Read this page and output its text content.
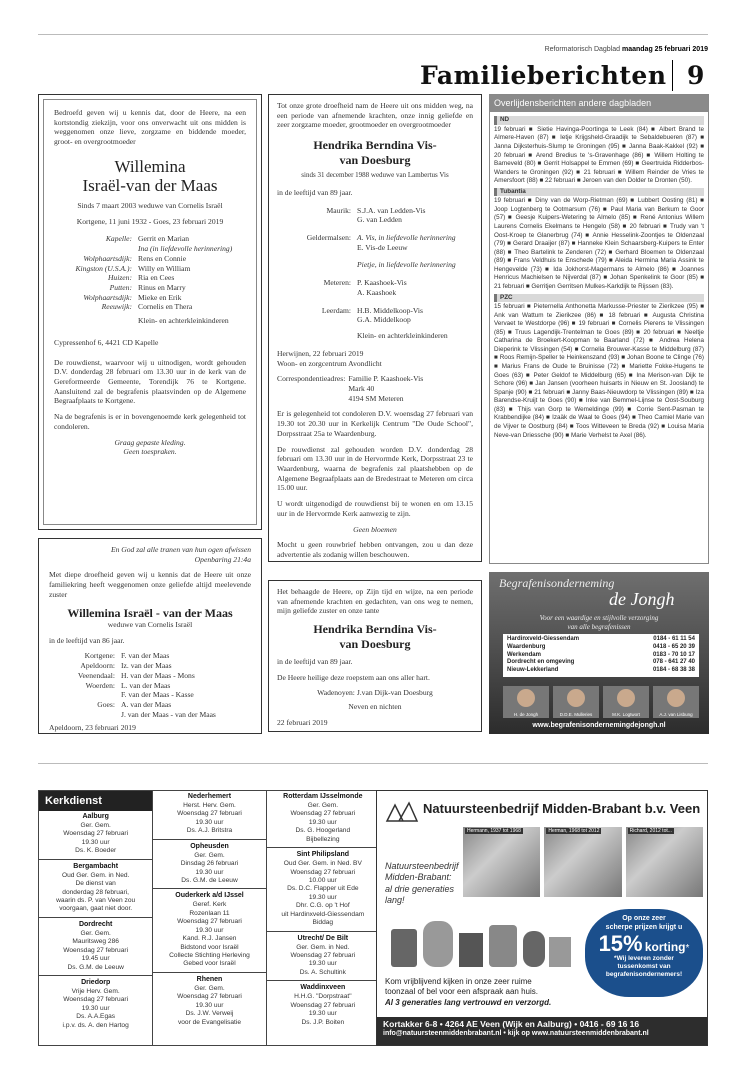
Reformatorisch Dagblad maandag 25 februari 2019
Familieberichten 9
Bedroefd geven wij u kennis dat, door de Heere, na een kortstondig ziekzijn, voor ons onverwacht uit ons midden is weggenomen onze lieve, zorgzame en biddende moeder, groot- en overgrootmoeder
Willemina
Israël-van der Maas
Sinds 7 maart 2003 weduwe van Cornelis Israël
Kortgene, 11 juni 1932 - Goes, 23 februari 2019
Kapelle: Gerrit en Marian
Ina (in liefdevolle herinnering)
Wolphaartsdijk: Rens en Connie
Kingston (U.S.A.): Willy en William
Huizen: Ria en Cees
Putten: Rinus en Marry
Wolphaartsdijk: Mieke en Erik
Reeuwijk: Cornelis en Thera
Klein- en achterkleinkinderen
Cypressenhof 6, 4421 CD Kapelle
De rouwdienst, waarvoor wij u uitnodigen, wordt gehouden D.V. donderdag 28 februari om 13.30 uur in de kerk van de Gereformeerde Gemeente, Torendijk 76 te Kortgene. Aansluitend zal de begrafenis plaatsvinden op de Algemene Begraafplaats te Kortgene.
Na de begrafenis is er in bovengenoemde kerk gelegenheid tot condoleren.
Graag gepaste kleding.
Geen toespraken.
En God zal alle tranen van hun ogen afwissen
Openbaring 21:4a
Met diepe droefheid geven wij u kennis dat de Heere uit onze familiekring heeft weggenomen onze geliefde altijd meelevende zuster
Willemina Israël - van der Maas
weduwe van Cornelis Israël
in de leeftijd van 86 jaar.
Kortgene: F. van der Maas
Apeldoorn: Iz. van der Maas
Veenendaal: H. van der Maas - Mons
Woerden: L. van der Maas
F. van der Maas - Kasse
Goes: A. van der Maas
J. van der Maas - van der Maas
Apeldoorn, 23 februari 2019
Tot onze grote droefheid nam de Heere uit ons midden weg, na een periode van afnemende krachten, onze innig geliefde en zeer zorgzame moeder, grootmoeder en overgrootmoeder
Hendrika Berndina Vis-
van Doesburg
sinds 31 december 1988 weduwe van Lambertus Vis
in de leeftijd van 89 jaar.
Maurik: S.J.A. van Ledden-Vis
G. van Ledden
Geldermalsen: A. Vis, in liefdevolle herinnering
E. Vis-de Leeuw
Pietje, in liefdevolle herinnering
Meteren: P. Kaashoek-Vis
A. Kaashoek
Leerdam: H.B. Middelkoop-Vis
G.A. Middelkoop
Klein- en achterkleinkinderen
Herwijnen, 22 februari 2019
Woon- en zorgcentrum Avondlicht
Correspondentieadres: Familie P. Kaashoek-Vis
Mark 40
4194 SM Meteren
Er is gelegenheid tot condoleren D.V. woensdag 27 februari van 19.30 tot 20.30 uur in Kerkelijk Centrum "De Oude School", Dorpsstraat 25a te Waardenburg.
De rouwdienst zal gehouden worden D.V. donderdag 28 februari om 13.30 uur in de Hervormde Kerk, Dorpsstraat 23 te Waardenburg, waarna de begrafenis zal plaatshebben op de Algemene Begraafplaats aan de Bredestraat te Meteren om circa 15.00 uur.
U wordt uitgenodigd de rouwdienst bij te wonen en om 13.15 uur in de Hervormde Kerk aanwezig te zijn.
Geen bloemen
Mocht u geen rouwbrief hebben ontvangen, zou u dan deze advertentie als zodanig willen beschouwen.
Het behaagde de Heere, op Zijn tijd en wijze, na een periode van afnemende krachten en gedachten, van ons weg te nemen, mijn geliefde zuster en onze tante
Hendrika Berndina Vis-
van Doesburg
in de leeftijd van 89 jaar.
De Heere heilige deze roepstem aan ons aller hart.
Wadenoyen: J.van Dijk-van Doesburg
Neven en nichten
22 februari 2019
Overlijdensberichten andere dagbladen
ND
19 februari ■ Sietie Havinga-Poortinga te Leek (84) ■ Albert Brand te Almere-Haven (87) ■ Ietje Krijgsheld-Graadijk te Sebaldebueren (87) ■ Janna Dijksterhuis-Slump te Groningen (95) ■ Janna Baak-Kakkel (92) ■ 20 februari ■ Arend Bredius te 's-Gravenhage (86) ■ Willem Holting te Barneveld (80) ■ Gerrit Holsappel te Emmen (69) ■ Geertruida Ridderbos-Wanders te Groningen (92) ■ 21 februari ■ Willem Reinder de Vries te Amersfoort (88) ■ 22 februari ■ Jeroen van den Dolder te Dronten (50).
Tubantia
19 februari ■ Diny van de Worp-Rietman (69) ■ Lubbert Oosting (81) ■ Joop Logtenberg te Ootmarsum (76) ■ Paul Maria van Berkum te Goor (57) ■ Geesje Kuipers-Wetering te Almelo (85) ■ René Antonius Willem Laurens Cornelis Ekelmans te Hengelo (58) ■ 20 februari ■ Trudy van 't Oost-Kroep te Glanerbrug (74) ■ Annie Hesselink-Zoontjes te Oldenzaal (79) ■ Gerard Draaijer (87) ■ Hanneke Klein Schaarsberg-Kuipers te Enter (88) ■ Theo Bartelink te Zenderen (72) ■ Gerhard Bloemen te Oldenzaal (89) ■ Frans Veldhuis te Enschede (79) ■ Aleida Hermina Maria Assink te Hengevelde (73) ■ Ida Jokhorst-Magermans te Almelo (86) ■ Joannes Henricus Machielsen te Nijverdal (87) ■ Johan Spenkelink te Goor (85) ■ 21 februari ■ Gerritjen Gerritsen Mulkes-Karkdijk te Rijssen (83).
PZC
15 februari ■ Pieternella Anthonetta Markusse-Priester te Zierikzee (95) ■ Ank van Wattum te Zierikzee (86) ■ 18 februari ■ Augusta Christina Vervaet te Westdorpe (96) ■ 19 februari ■ Cornelis Pierens te Vlissingen (85) ■ Truus Lagendijk-Trentelman te Goes (89) ■ 20 februari ■ Neeltje Catharina de Broekert-Koopman te Baarland (72) ■ Andrea Helena Dieperink te Vlissingen (54) ■ Cornelia Brouwer-Kasse te Middelburg (87) ■ Roos Remijn-Speller te Heinkenszand (93) ■ Johan Boone te Clinge (76) ■ Marius Frans de Oude te Bruinisse (72) ■ Mariette Fokke-Hugens te Goes (63) ■ Peter Geldof te Middelburg (65) ■ Ina Merison-van Dijk te Schore (96) ■ Jan Jansen (voorheen huisarts in Nieuw en St. Joosland) te Spanje (90) ■ 21 februari ■ Janny Baas-Nieuwdorp te Vlissingen (89) ■ Iza Barendse-Kruijt te Goes (90) ■ Inke van Bemmel-Lijnse te Oost-Souburg (83) ■ Thijs van Gorp te Wemeldinge (99) ■ Corrie Sent-Pasman te Krabbendijke (84) ■ Izaäk de Waal te Goes (94) ■ Theo Camiel Marie van de Vijver te Oostburg (84) ■ Toos Witteveen te Breda (92) ■ Louisa Maria Neve-van Driessche (90) ■ Marie Verhelst te Axel (86).
Begrafenisonderneming
de Jongh
Voor een waardige en stijlvolle verzorging
van alle begrafenissen
Hardinxveld-Giessendam	0184 - 61 11 54
Waardenburg	0418 - 65 20 39
Werkendam	0183 - 70 10 17
Dordrecht en omgeving	078 - 641 27 40
Nieuw-Lekkerland	0184 - 68 38 38
H. de Jongh	D.D.E. Mulleries	M.K. Logtwort	A.J. van Lisbung
www.begrafenisondernemingdejongh.nl
Kerkdienst
Aalburg
Ger. Gem.
Woensdag 27 februari
19.30 uur
Ds. K. Boeder
Bergambacht
Oud Ger. Gem. in Ned.
De dienst van
donderdag 28 februari,
waarin ds. P. van Veen zou
voorgaan, gaat niet door.
Dordrecht
Ger. Gem.
Mauritsweg 286
Woensdag 27 februari
19.45 uur
Ds. G.M. de Leeuw
Driedorp
Vrije Herv. Gem.
Woensdag 27 februari
19.30 uur
Ds. A.A.Egas
i.p.v. ds. A. den Hartog
Nederhemert
Herst. Herv. Gem.
Woensdag 27 februari
19.30 uur
Ds. A.J. Britstra
Opheusden
Ger. Gem.
Dinsdag 26 februari
19.30 uur
Ds. G.M. de Leeuw
Ouderkerk a/d IJssel
Geref. Kerk
Rozenlaan 11
Woensdag 27 februari
19.30 uur
Kand. R.J. Jansen
Bidstond voor Israël
Collecte Stichting Herleving
Gebed voor Israël
Rhenen
Ger. Gem.
Woensdag 27 februari
19.30 uur
Ds. J.W. Verweij
voor de Evangelisatie
Rotterdam IJsselmonde
Ger. Gem.
Woensdag 27 februari
19.30 uur
Ds. G. Hoogerland
Bijbellezing
Sint Philipsland
Oud Ger. Gem. in Ned. BV
Woensdag 27 februari
10.00 uur
Ds. D.C. Flapper uit Ede
19.30 uur
Dhr. C.G. op 't Hof
uit Hardinxveld-Giessendam
Biddag
Utrecht/ De Bilt
Ger. Gem. in Ned.
Woensdag 27 februari
19.30 uur
Ds. A. Schultink
Waddinxveen
H.H.G. "Dorpstraat"
Woensdag 27 februari
19.30 uur
Ds. J.P. Boiten
Natuursteenbedrijf Midden-Brabant b.v. Veen
Hermann, 1937 tot 1968	Herman, 1968 tot 2012	Richard, 2012 tot...
Natuursteenbedrijf
Midden-Brabant:
al drie generaties
lang!
Op onze zeer
scherpe prijzen krijgt u
15% korting*
*Wij leveren zonder
tussenkomst van
begrafenisondernemers!
Kom vrijblijvend kijken in onze zeer ruime
toonzaal of bel voor een afspraak aan huis.
Al 3 generaties lang vertrouwd en verzorgd.
Kortakker 6-8 • 4264 AE Veen (Wijk en Aalburg) • 0416 - 69 16 16
info@natuursteenmiddenbrabant.nl • kijk op www.natuursteenmiddenbrabant.nl
